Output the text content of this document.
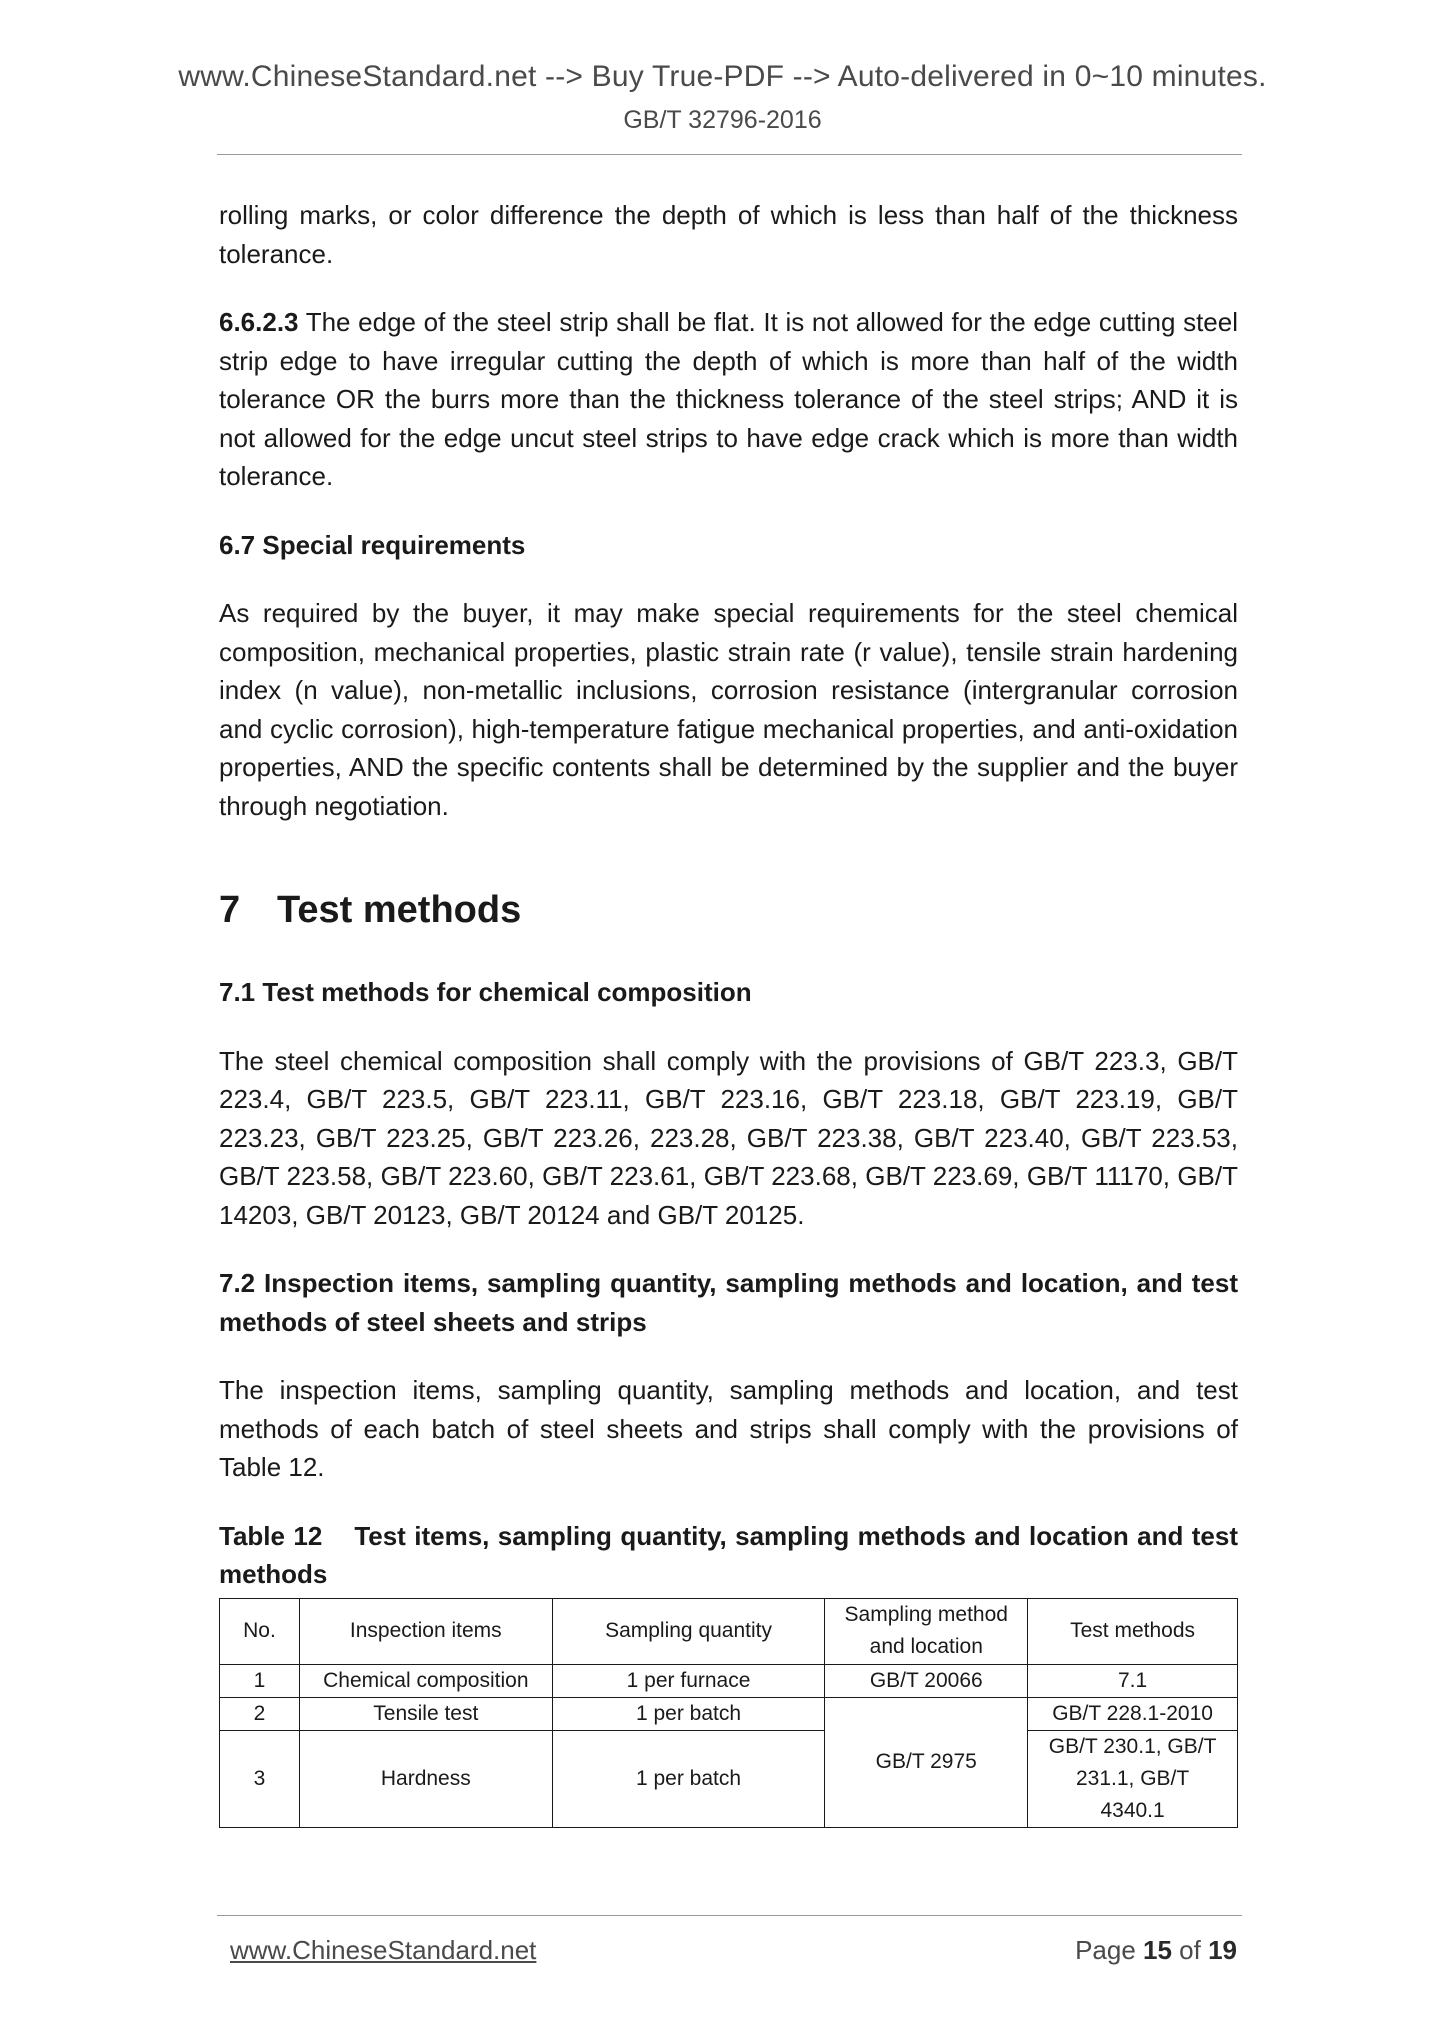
www.ChineseStandard.net --> Buy True-PDF --> Auto-delivered in 0~10 minutes.
GB/T 32796-2016

rolling marks, or color difference the depth of which is less than half of the thickness tolerance.

6.6.2.3 The edge of the steel strip shall be flat. It is not allowed for the edge cutting steel strip edge to have irregular cutting the depth of which is more than half of the width tolerance OR the burrs more than the thickness tolerance of the steel strips; AND it is not allowed for the edge uncut steel strips to have edge crack which is more than width tolerance.

6.7 Special requirements

As required by the buyer, it may make special requirements for the steel chemical composition, mechanical properties, plastic strain rate (r value), tensile strain hardening index (n value), non-metallic inclusions, corrosion resistance (intergranular corrosion and cyclic corrosion), high-temperature fatigue mechanical properties, and anti-oxidation properties, AND the specific contents shall be determined by the supplier and the buyer through negotiation.

7 Test methods

7.1 Test methods for chemical composition

The steel chemical composition shall comply with the provisions of GB/T 223.3, GB/T 223.4, GB/T 223.5, GB/T 223.11, GB/T 223.16, GB/T 223.18, GB/T 223.19, GB/T 223.23, GB/T 223.25, GB/T 223.26, 223.28, GB/T 223.38, GB/T 223.40, GB/T 223.53, GB/T 223.58, GB/T 223.60, GB/T 223.61, GB/T 223.68, GB/T 223.69, GB/T 11170, GB/T 14203, GB/T 20123, GB/T 20124 and GB/T 20125.

7.2 Inspection items, sampling quantity, sampling methods and location, and test methods of steel sheets and strips

The inspection items, sampling quantity, sampling methods and location, and test methods of each batch of steel sheets and strips shall comply with the provisions of Table 12.

Table 12 Test items, sampling quantity, sampling methods and location and test methods

No.	Inspection items	Sampling quantity	Sampling method and location	Test methods
1	Chemical composition	1 per furnace	GB/T 20066	7.1
2	Tensile test	1 per batch	GB/T 2975	GB/T 228.1-2010
3	Hardness	1 per batch		GB/T 230.1, GB/T 231.1, GB/T 4340.1
www.ChineseStandard.net	Page 15 of 19
